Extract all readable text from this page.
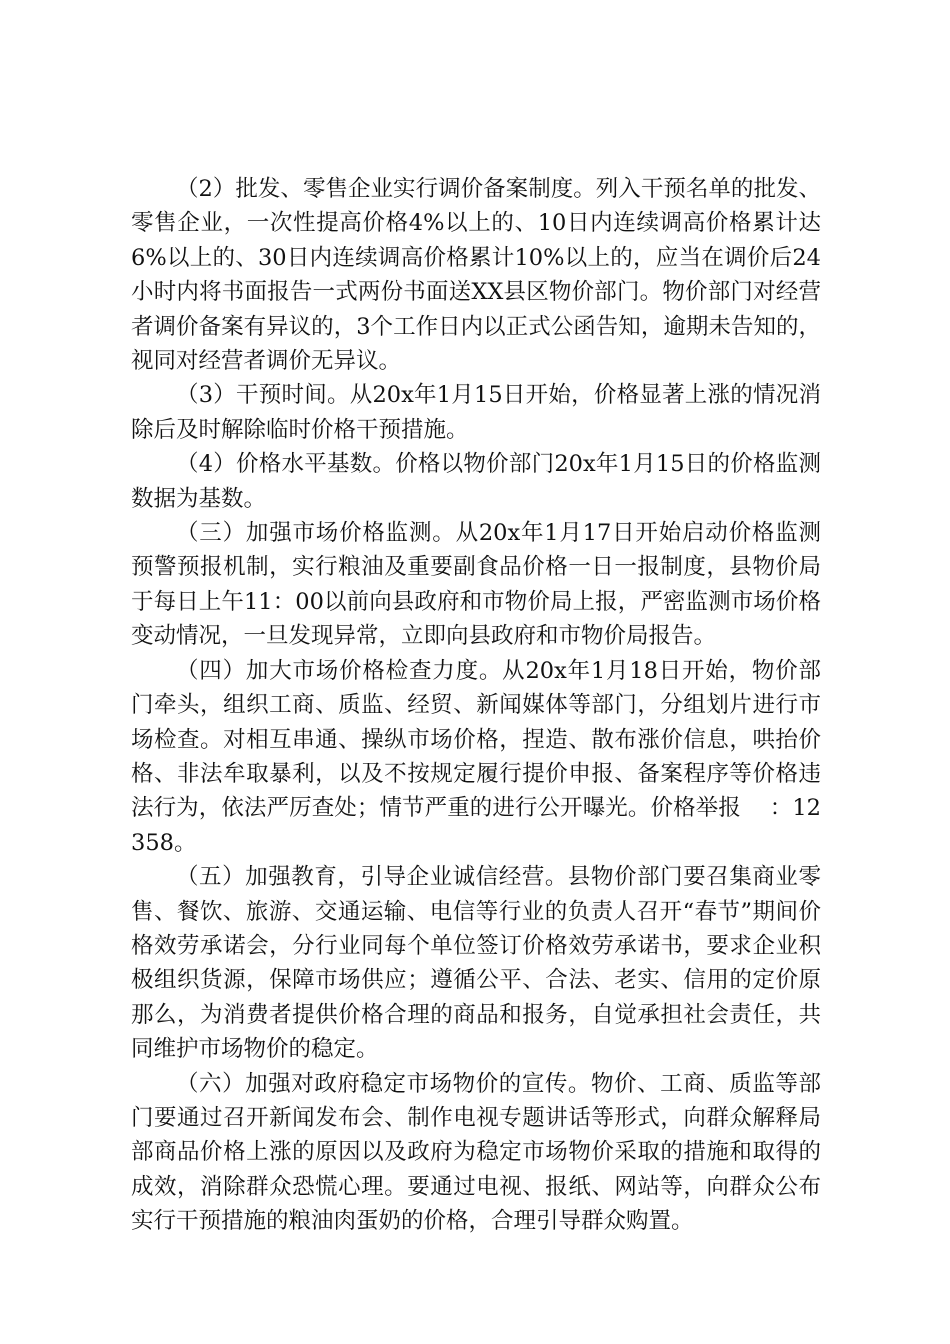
（2）批发、零售企业实行调价备案制度。列入干预名单的批发、零售企业，一次性提高价格4%以上的、10日内连续调高价格累计达6%以上的、30日内连续调高价格累计10%以上的，应当在调价后24小时内将书面报告一式两份书面送XX县区物价部门。物价部门对经营者调价备案有异议的，3个工作日内以正式公函告知，逾期未告知的，视同对经营者调价无异议。

（3）干预时间。从20x年1月15日开始，价格显著上涨的情况消除后及时解除临时价格干预措施。

（4）价格水平基数。价格以物价部门20x年1月15日的价格监测数据为基数。

（三）加强市场价格监测。从20x年1月17日开始启动价格监测预警预报机制，实行粮油及重要副食品价格一日一报制度，县物价局于每日上午11：00以前向县政府和市物价局上报，严密监测市场价格变动情况，一旦发现异常，立即向县政府和市物价局报告。

（四）加大市场价格检查力度。从20x年1月18日开始，物价部门牵头，组织工商、质监、经贸、新闻媒体等部门，分组划片进行市场检查。对相互串通、操纵市场价格，捏造、散布涨价信息，哄抬价格、非法牟取暴利，以及不按规定履行提价申报、备案程序等价格违法行为，依法严厉查处；情节严重的进行公开曝光。价格举报    ：12358。

（五）加强教育，引导企业诚信经营。县物价部门要召集商业零售、餐饮、旅游、交通运输、电信等行业的负责人召开“春节”期间价格效劳承诺会，分行业同每个单位签订价格效劳承诺书，要求企业积极组织货源，保障市场供应；遵循公平、合法、老实、信用的定价原那么，为消费者提供价格合理的商品和报务，自觉承担社会责任，共同维护市场物价的稳定。

（六）加强对政府稳定市场物价的宣传。物价、工商、质监等部门要通过召开新闻发布会、制作电视专题讲话等形式，向群众解释局部商品价格上涨的原因以及政府为稳定市场物价采取的措施和取得的成效，消除群众恐慌心理。要通过电视、报纸、网站等，向群众公布实行干预措施的粮油肉蛋奶的价格，合理引导群众购置。
